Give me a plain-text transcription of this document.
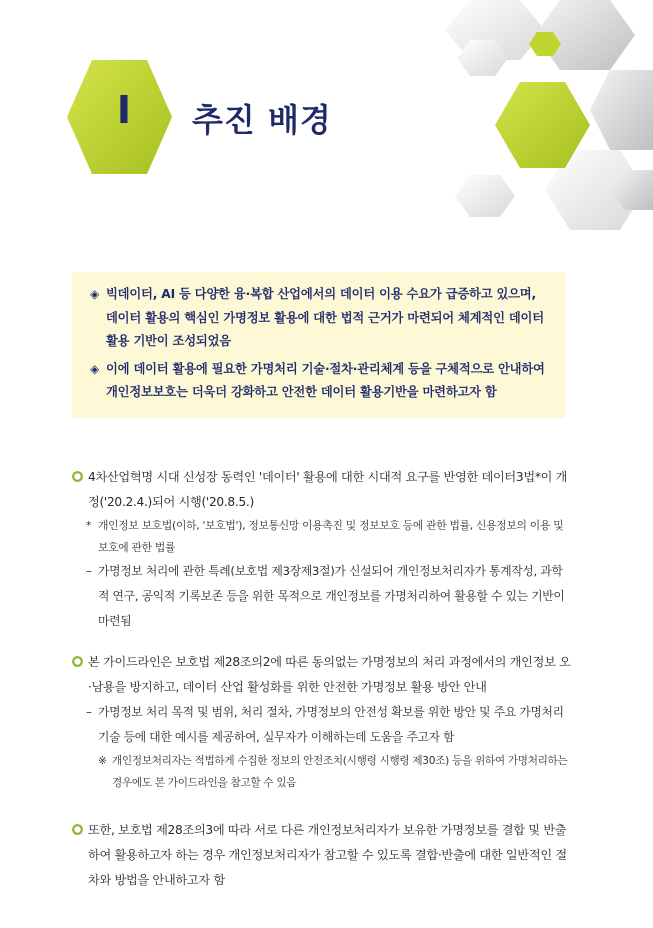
I	추진 배경
◈ 빅데이터, AI 등 다양한 융·복합 산업에서의 데이터 이용 수요가 급증하고 있으며, 데이터 활용의 핵심인 가명정보 활용에 대한 법적 근거가 마련되어 체계적인 데이터 활용 기반이 조성되었음
◈ 이에 데이터 활용에 필요한 가명처리 기술·절차·관리체계 등을 구체적으로 안내하여 개인정보보호는 더욱더 강화하고 안전한 데이터 활용기반을 마련하고자 함
4차산업혁명 시대 신성장 동력인 '데이터' 활용에 대한 시대적 요구를 반영한 데이터3법*이 개정('20.2.4.)되어 시행('20.8.5.)
* 개인정보 보호법(이하, '보호법'), 정보통신망 이용촉진 및 정보보호 등에 관한 법률, 신용정보의 이용 및 보호에 관한 법률
– 가명정보 처리에 관한 특례(보호법 제3장제3절)가 신설되어 개인정보처리자가 통계작성, 과학적 연구, 공익적 기록보존 등을 위한 목적으로 개인정보를 가명처리하여 활용할 수 있는 기반이 마련됨
본 가이드라인은 보호법 제28조의2에 따른 동의없는 가명정보의 처리 과정에서의 개인정보 오·남용을 방지하고, 데이터 산업 활성화를 위한 안전한 가명정보 활용 방안 안내
– 가명정보 처리 목적 및 범위, 처리 절차, 가명정보의 안전성 확보를 위한 방안 및 주요 가명처리 기술 등에 대한 예시를 제공하여, 실무자가 이해하는데 도움을 주고자 함
※ 개인정보처리자는 적법하게 수집한 정보의 안전조치(시행령 시행령 제30조) 등을 위하여 가명처리하는 경우에도 본 가이드라인을 참고할 수 있음
또한, 보호법 제28조의3에 따라 서로 다른 개인정보처리자가 보유한 가명정보를 결합 및 반출하여 활용하고자 하는 경우 개인정보처리자가 참고할 수 있도록 결합·반출에 대한 일반적인 절차와 방법을 안내하고자 함
